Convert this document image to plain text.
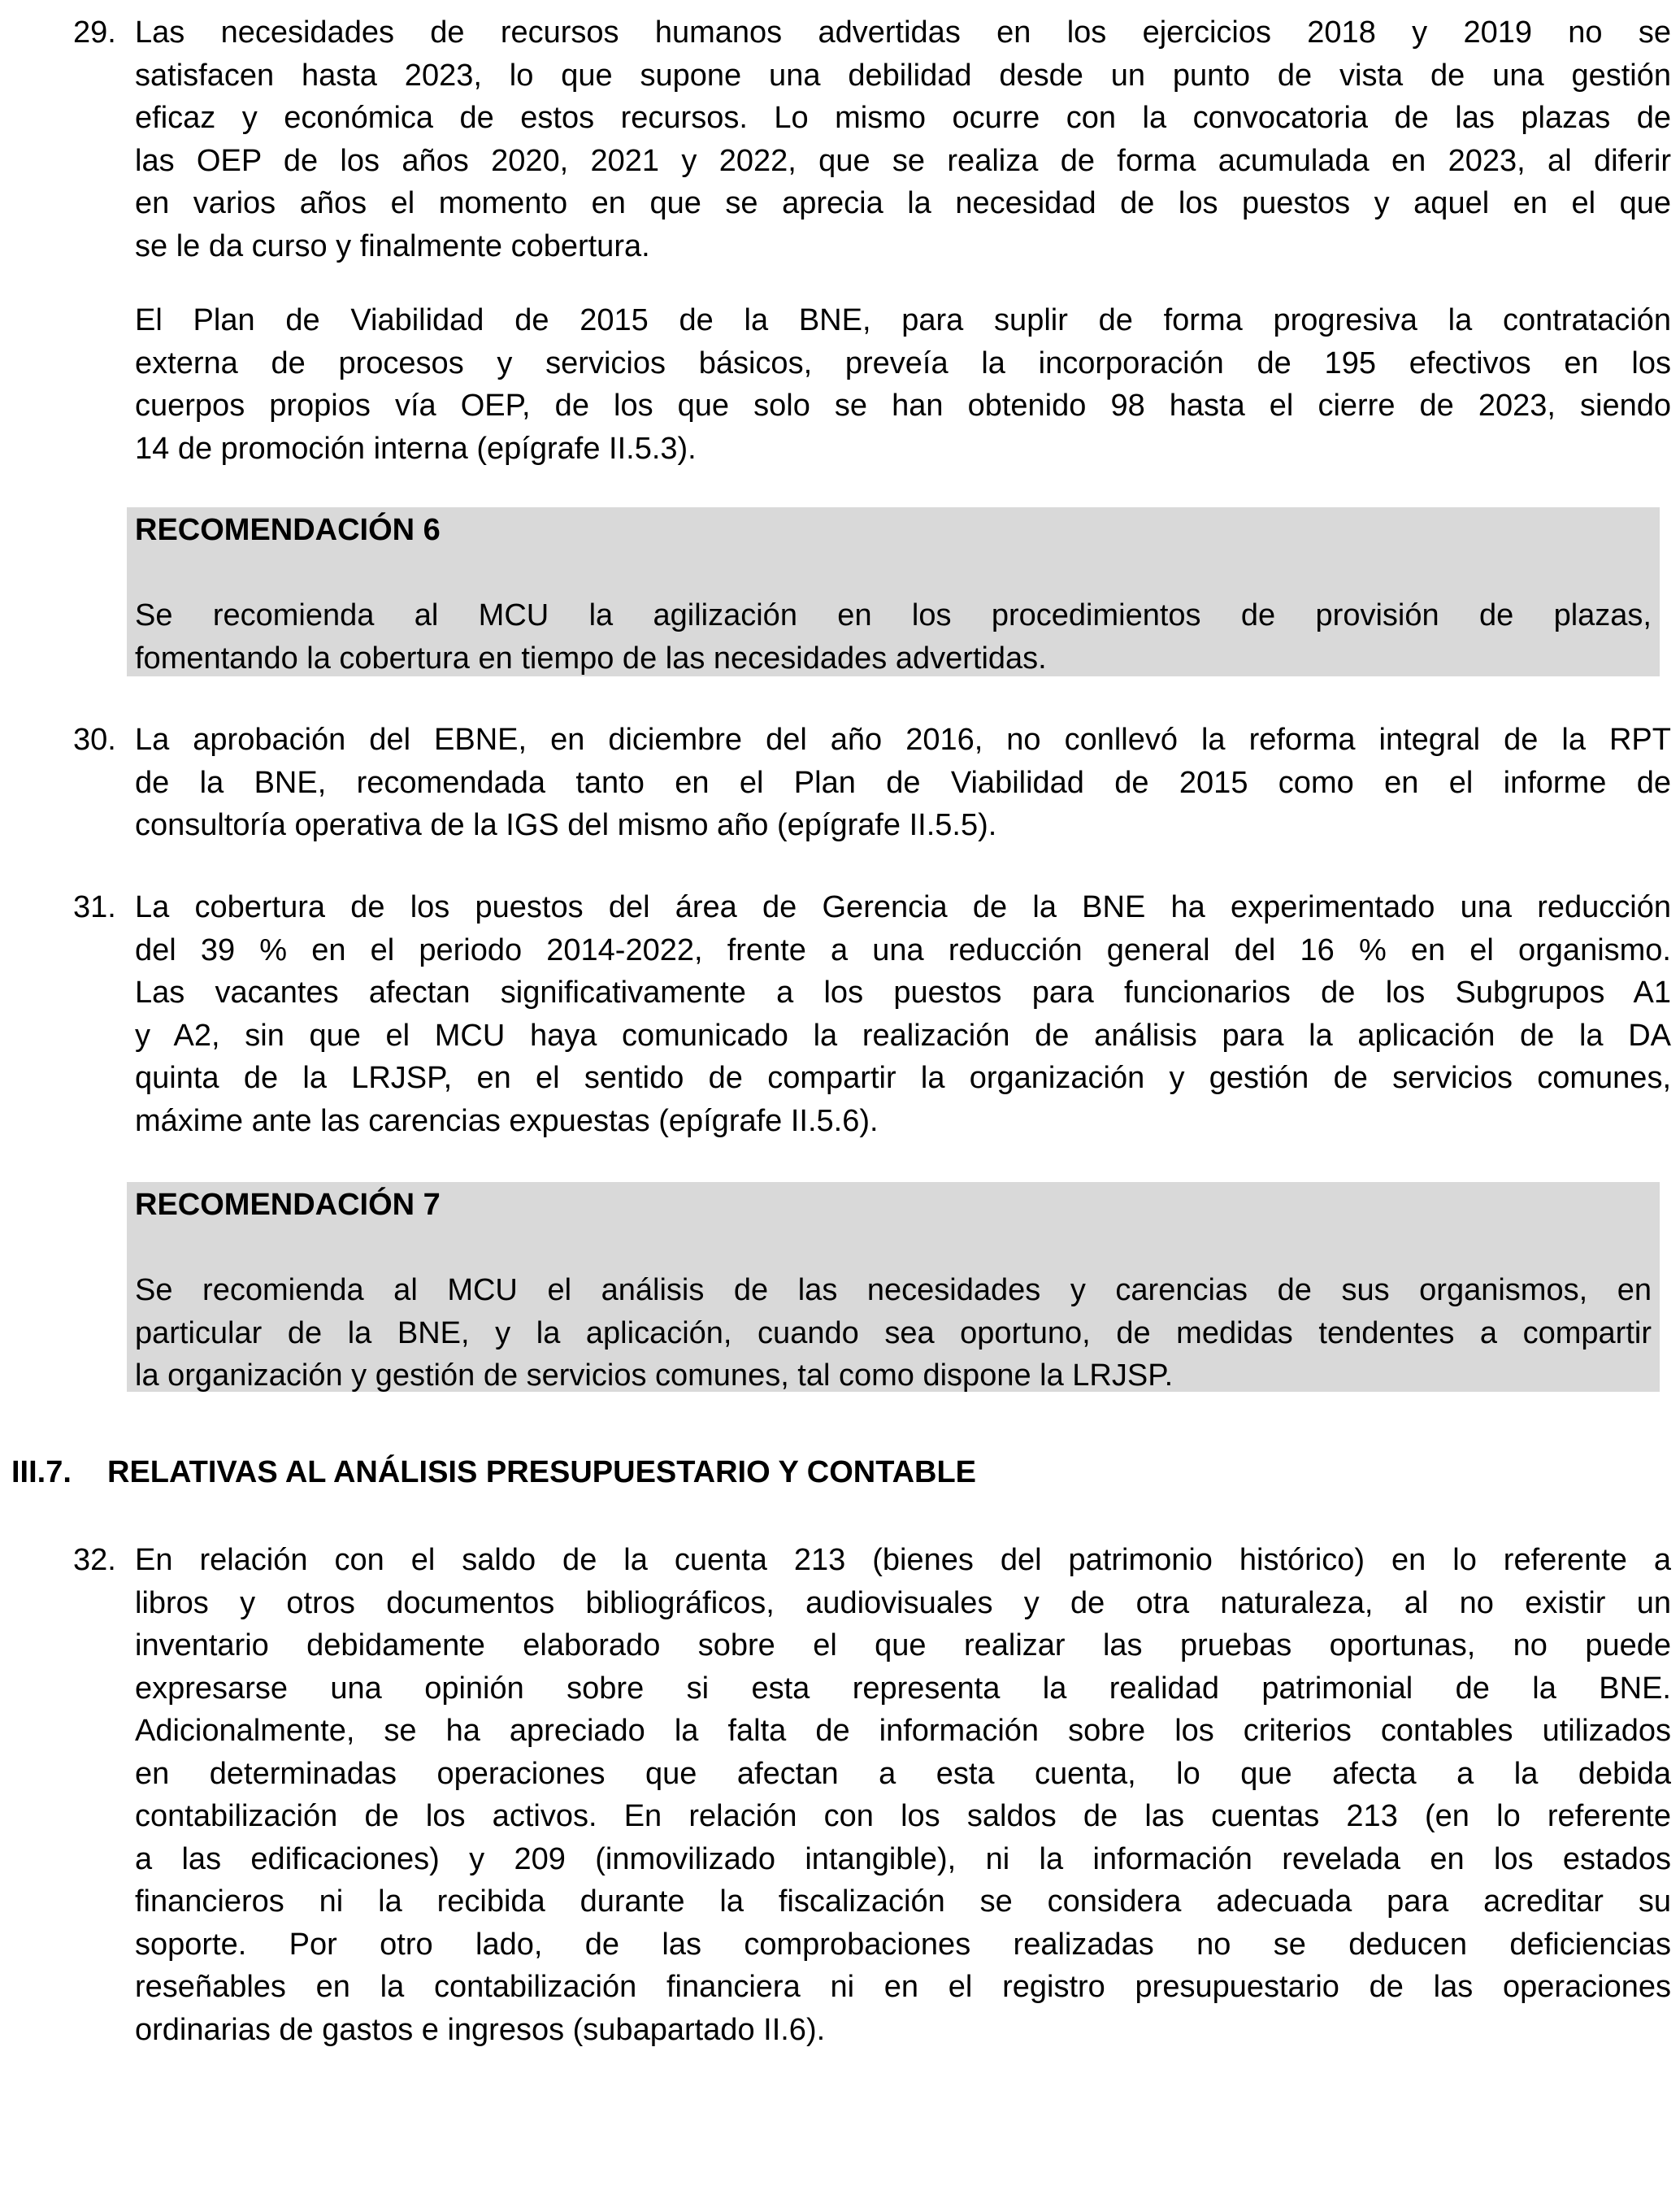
29. Las necesidades de recursos humanos advertidas en los ejercicios 2018 y 2019 no se
satisfacen hasta 2023, lo que supone una debilidad desde un punto de vista de una gestión
eficaz y económica de estos recursos. Lo mismo ocurre con la convocatoria de las plazas de
las OEP de los años 2020, 2021 y 2022, que se realiza de forma acumulada en 2023, al diferir
en varios años el momento en que se aprecia la necesidad de los puestos y aquel en el que
se le da curso y finalmente cobertura.
El Plan de Viabilidad de 2015 de la BNE, para suplir de forma progresiva la contratación
externa de procesos y servicios básicos, preveía la incorporación de 195 efectivos en los
cuerpos propios vía OEP, de los que solo se han obtenido 98 hasta el cierre de 2023, siendo
14 de promoción interna (epígrafe II.5.3).
RECOMENDACIÓN 6
Se recomienda al MCU la agilización en los procedimientos de provisión de plazas,
fomentando la cobertura en tiempo de las necesidades advertidas.
30. La aprobación del EBNE, en diciembre del año 2016, no conllevó la reforma integral de la RPT
de la BNE, recomendada tanto en el Plan de Viabilidad de 2015 como en el informe de
consultoría operativa de la IGS del mismo año (epígrafe II.5.5).
31. La cobertura de los puestos del área de Gerencia de la BNE ha experimentado una reducción
del 39 % en el periodo 2014-2022, frente a una reducción general del 16 % en el organismo.
Las vacantes afectan significativamente a los puestos para funcionarios de los Subgrupos A1
y A2, sin que el MCU haya comunicado la realización de análisis para la aplicación de la DA
quinta de la LRJSP, en el sentido de compartir la organización y gestión de servicios comunes,
máxime ante las carencias expuestas (epígrafe II.5.6).
RECOMENDACIÓN 7
Se recomienda al MCU el análisis de las necesidades y carencias de sus organismos, en
particular de la BNE, y la aplicación, cuando sea oportuno, de medidas tendentes a compartir
la organización y gestión de servicios comunes, tal como dispone la LRJSP.
III.7. RELATIVAS AL ANÁLISIS PRESUPUESTARIO Y CONTABLE
32. En relación con el saldo de la cuenta 213 (bienes del patrimonio histórico) en lo referente a
libros y otros documentos bibliográficos, audiovisuales y de otra naturaleza, al no existir un
inventario debidamente elaborado sobre el que realizar las pruebas oportunas, no puede
expresarse una opinión sobre si esta representa la realidad patrimonial de la BNE.
Adicionalmente, se ha apreciado la falta de información sobre los criterios contables utilizados
en determinadas operaciones que afectan a esta cuenta, lo que afecta a la debida
contabilización de los activos. En relación con los saldos de las cuentas 213 (en lo referente
a las edificaciones) y 209 (inmovilizado intangible), ni la información revelada en los estados
financieros ni la recibida durante la fiscalización se considera adecuada para acreditar su
soporte. Por otro lado, de las comprobaciones realizadas no se deducen deficiencias
reseñables en la contabilización financiera ni en el registro presupuestario de las operaciones
ordinarias de gastos e ingresos (subapartado II.6).
